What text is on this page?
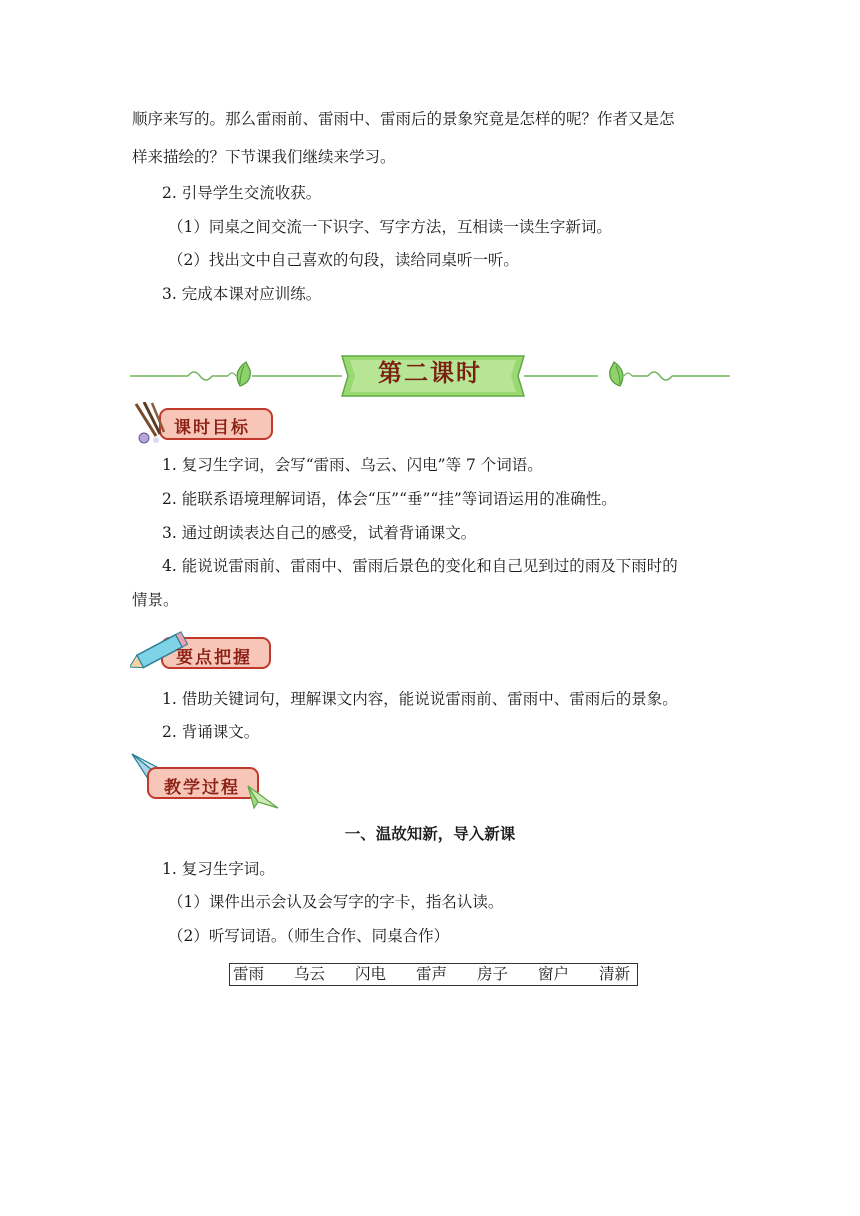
顺序来写的。那么雷雨前、雷雨中、雷雨后的景象究竟是怎样的呢？作者又是怎

样来描绘的？下节课我们继续来学习。

2. 引导学生交流收获。

（1）同桌之间交流一下识字、写字方法，互相读一读生字新词。

（2）找出文中自己喜欢的句段，读给同桌听一听。

3. 完成本课对应训练。

第二课时
课时目标

1. 复习生字词，会写“雷雨、乌云、闪电”等 7 个词语。

2. 能联系语境理解词语，体会“压”“垂”“挂”等词语运用的准确性。

3. 通过朗读表达自己的感受，试着背诵课文。

4. 能说说雷雨前、雷雨中、雷雨后景色的变化和自己见到过的雨及下雨时的

情景。

要点把握

1. 借助关键词句，理解课文内容，能说说雷雨前、雷雨中、雷雨后的景象。

2. 背诵课文。

教学过程
一、温故知新，导入新课

1. 复习生字词。

（1）课件出示会认及会写字的字卡，指名认读。

（2）听写词语。（师生合作、同桌合作）

雷雨	乌云	闪电	雷声	房子	窗户	清新
